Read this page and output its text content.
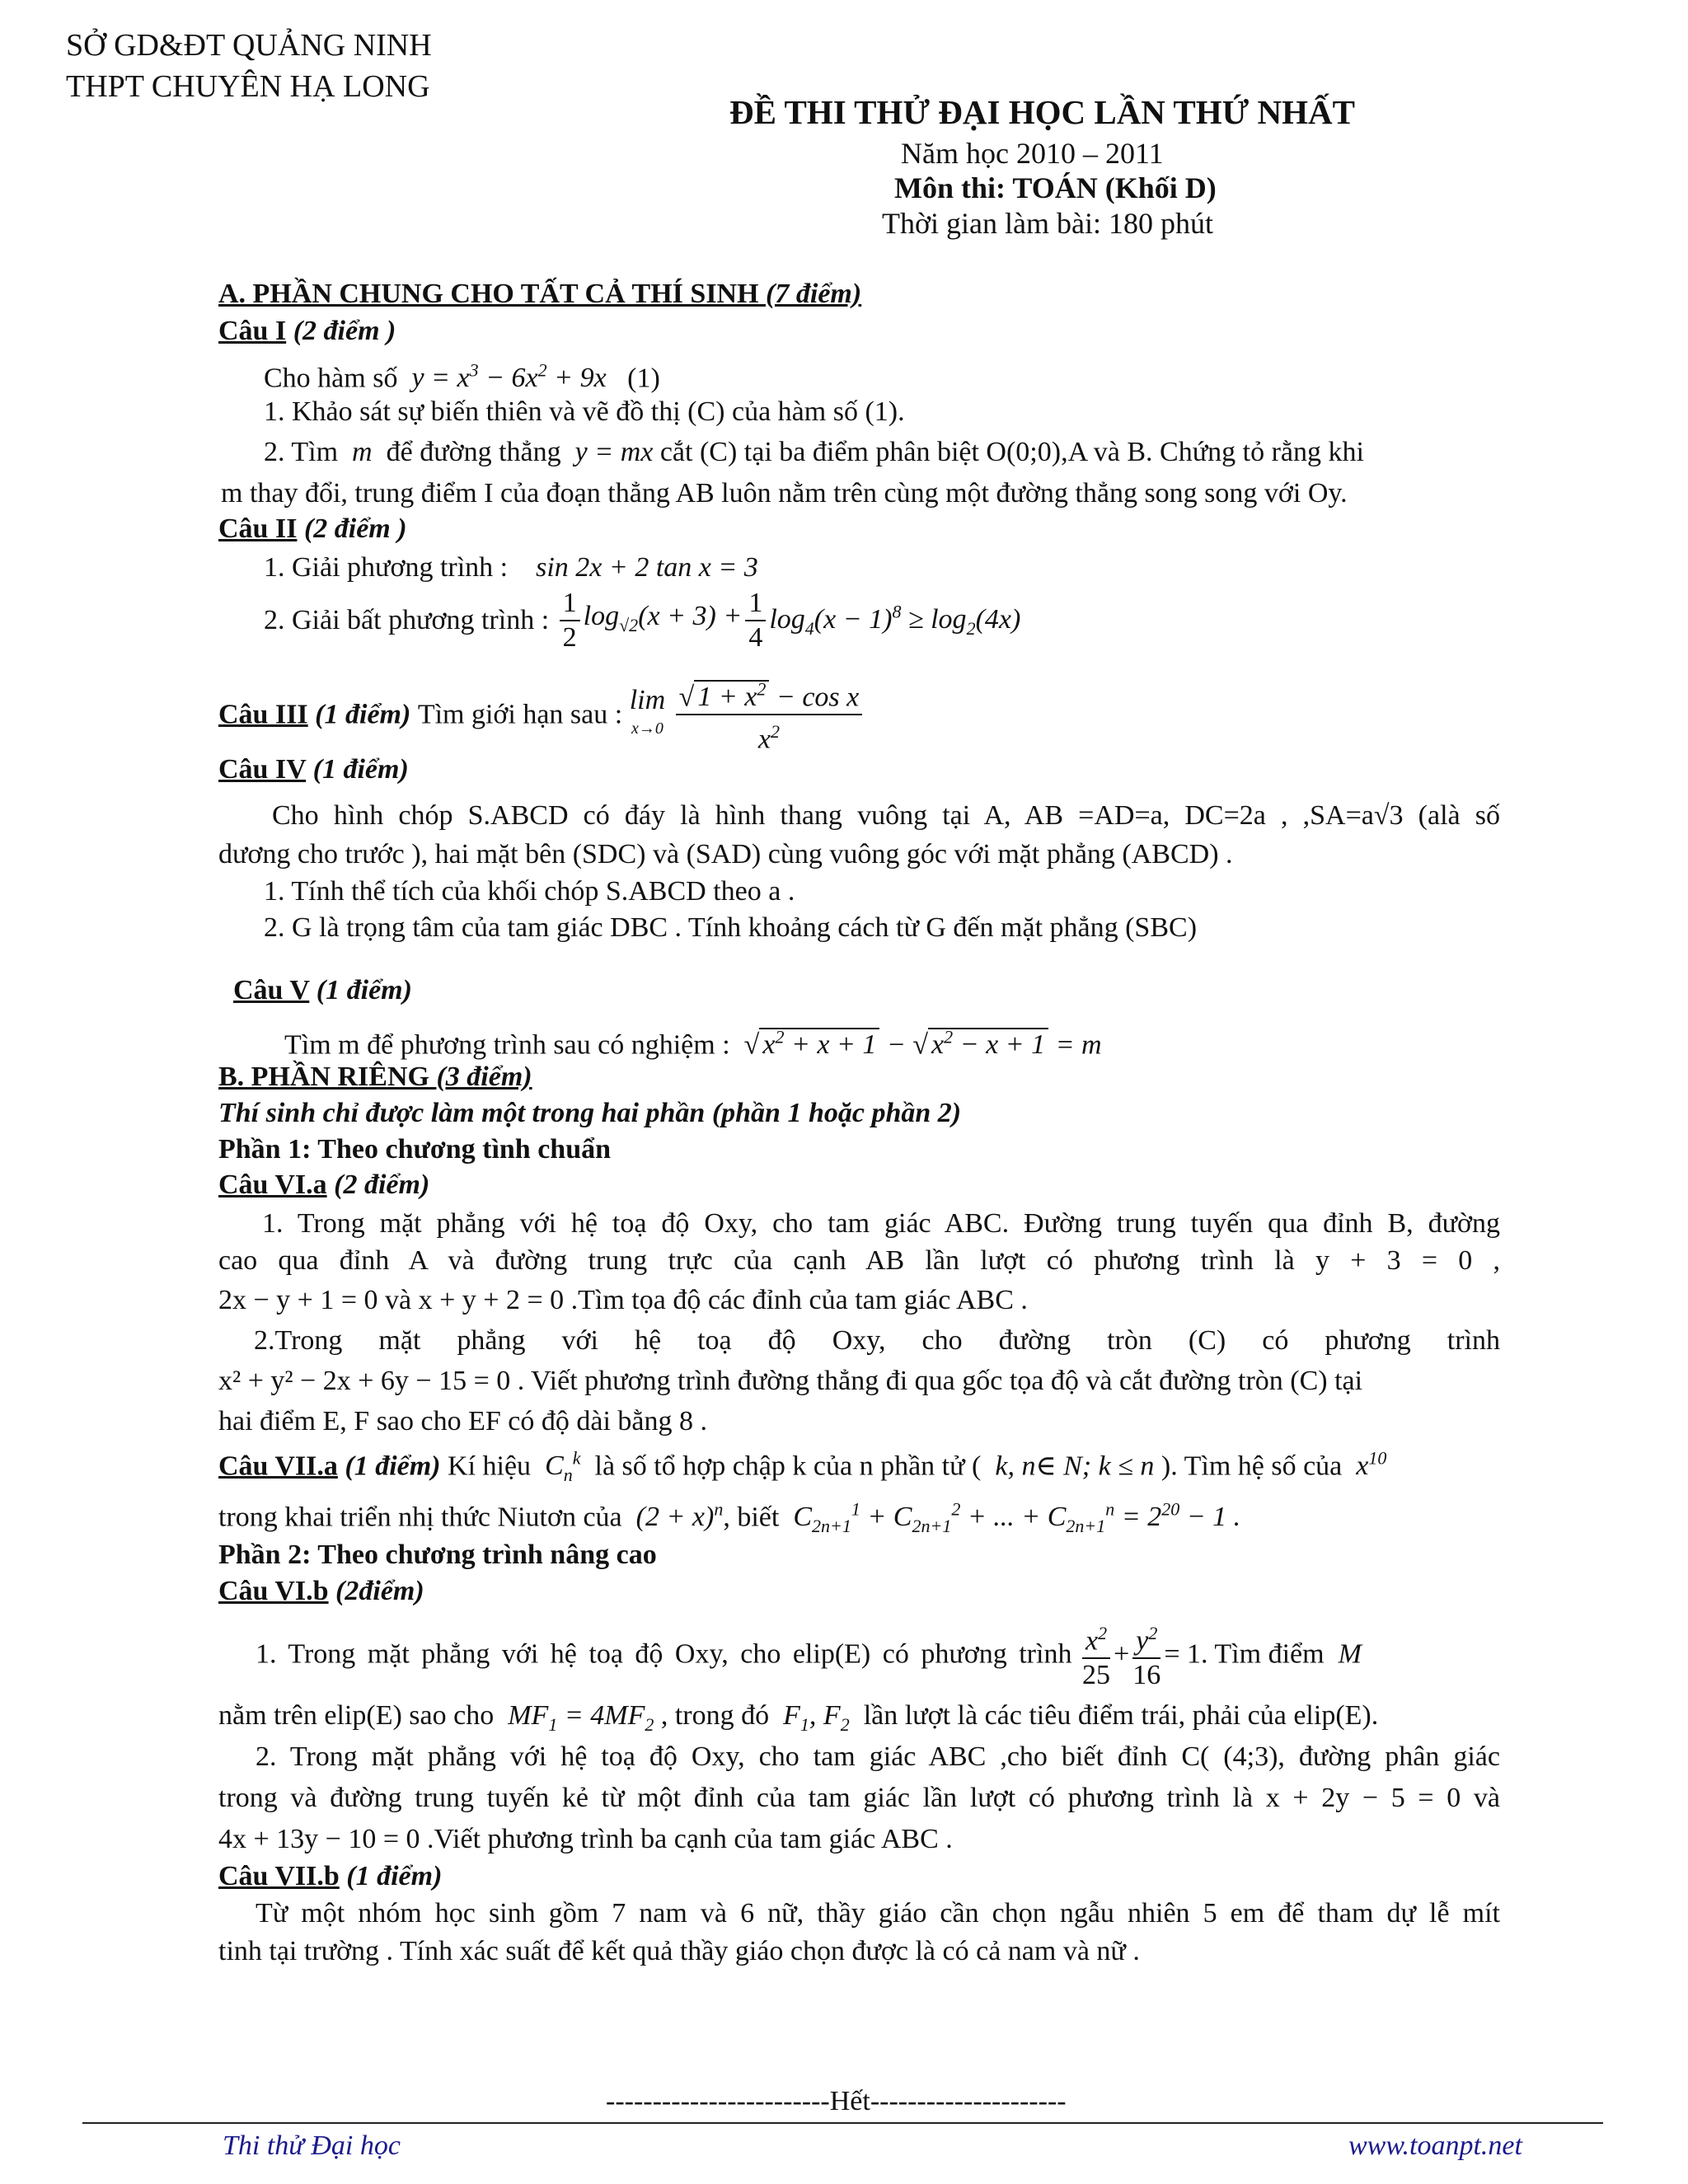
SỞ GD&ĐT QUẢNG NINH
THPT CHUYÊN HẠ LONG
ĐỀ THI THỬ ĐẠI HỌC LẦN THỨ NHẤT
Năm học 2010 – 2011
Môn thi: TOÁN (Khối D)
Thời gian làm bài: 180 phút
A. PHẦN CHUNG CHO TẤT CẢ THÍ SINH (7 điểm)
Câu I (2 điểm )
Cho hàm số  $y = x^3 - 6x^2 + 9x$ (1)
1. Khảo sát sự biến thiên và vẽ đồ thị (C) của hàm số (1).
2. Tìm  m  để đường thẳng  y = mx cắt (C) tại ba điểm phân biệt O(0;0),A và B. Chứng tỏ rằng khi
m thay đổi, trung điểm I của đoạn thẳng AB luôn nằm trên cùng một đường thẳng song song với Oy.
Câu II (2 điểm )
1. Giải phương trình : sin 2x + 2 tan x = 3
2. Giải bất phương trình : $\frac{1}{2} \log_{√2}(x + 3) + \frac{1}{4} \log_4(x - 1)^8 \ge \log_2(4x)$
Câu III (1 điểm) Tìm giới hạn sau : lim
$x\to 0 \frac{√ 1 + x^2 - \cos x}{x^2}$
Câu IV (1 điểm)
Cho hình chóp S.ABCD có đáy là hình thang vuông tại A, AB =AD=a, DC=2a , ,SA=a√3 (alà số
dương cho trước ), hai mặt bên (SDC) và (SAD) cùng vuông góc với mặt phẳng (ABCD) .
1. Tính thể tích của khối chóp S.ABCD theo a .
2. G là trọng tâm của tam giác DBC . Tính khoảng cách từ G đến mặt phẳng (SBC)
Câu V (1 điểm)
Tìm m để phương trình sau có nghiệm :  √ $x^2 + x + 1$ − √ $x^2 - x + 1 = m$
B. PHẦN RIÊNG (3 điểm)
Thí sinh chỉ được làm một trong hai phần (phần 1 hoặc phần 2)
Phần 1: Theo chương tình chuẩn
Câu VI.a (2 điểm)
1. Trong mặt phẳng với hệ toạ độ Oxy, cho tam giác ABC. Đường trung tuyến qua đỉnh B, đường
cao qua đỉnh A và đường trung trực của cạnh AB lần lượt có phương trình là y + 3 = 0 ,
2x − y + 1 = 0 và x + y + 2 = 0 .Tìm tọa độ các đỉnh của tam giác ABC .
2.Trong mặt phẳng với hệ toạ độ Oxy, cho đường tròn (C) có phương trình
x² + y² − 2x + 6y − 15 = 0 . Viết phương trình đường thẳng đi qua gốc tọa độ và cắt đường tròn (C) tại
hai điểm E, F sao cho EF có độ dài bằng 8 .
Câu VII.a (1 điểm) Kí hiệu  $C_n^k$ là số tổ hợp chập k của n phần tử (  k, n∈ N; k ≤ n ). Tìm hệ số của  $x^{10}$
trong khai triển nhị thức Niutơn của  $(2 + x)^n$, biết  $C_{2n+1}^1 + C_{2n+1}^2$ + ... + $C_{2n+1}^n = 2^{20} - 1$ .
Phần 2: Theo chương trình nâng cao
Câu VI.b (2điểm)
1. Trong mặt phẳng với hệ toạ độ Oxy, cho elip(E) có phương trình $\frac{x^2}{25} + \frac{y^2}{16} = 1$. Tìm điểm  M
nằm trên elip(E) sao cho  $MF_1 = 4MF_2$ , trong đó  $F_1$, $F_2$ lần lượt là các tiêu điểm trái, phải của elip(E).
2. Trong mặt phẳng với hệ toạ độ Oxy, cho tam giác ABC ,cho biết đỉnh C( (4;3), đường phân giác
trong và đường trung tuyến kẻ từ một đỉnh của tam giác lần lượt có phương trình là x + 2y − 5 = 0 và
4x + 13y − 10 = 0 .Viết phương trình ba cạnh của tam giác ABC .
Câu VII.b (1 điểm)
Từ một nhóm học sinh gồm 7 nam và 6 nữ, thầy giáo cần chọn ngẫu nhiên 5 em để tham dự lễ mít
tinh tại trường . Tính xác suất để kết quả thầy giáo chọn được là có cả nam và nữ .
------------------------Hết---------------------
Thi thử Đại học	www.toanpt.net
